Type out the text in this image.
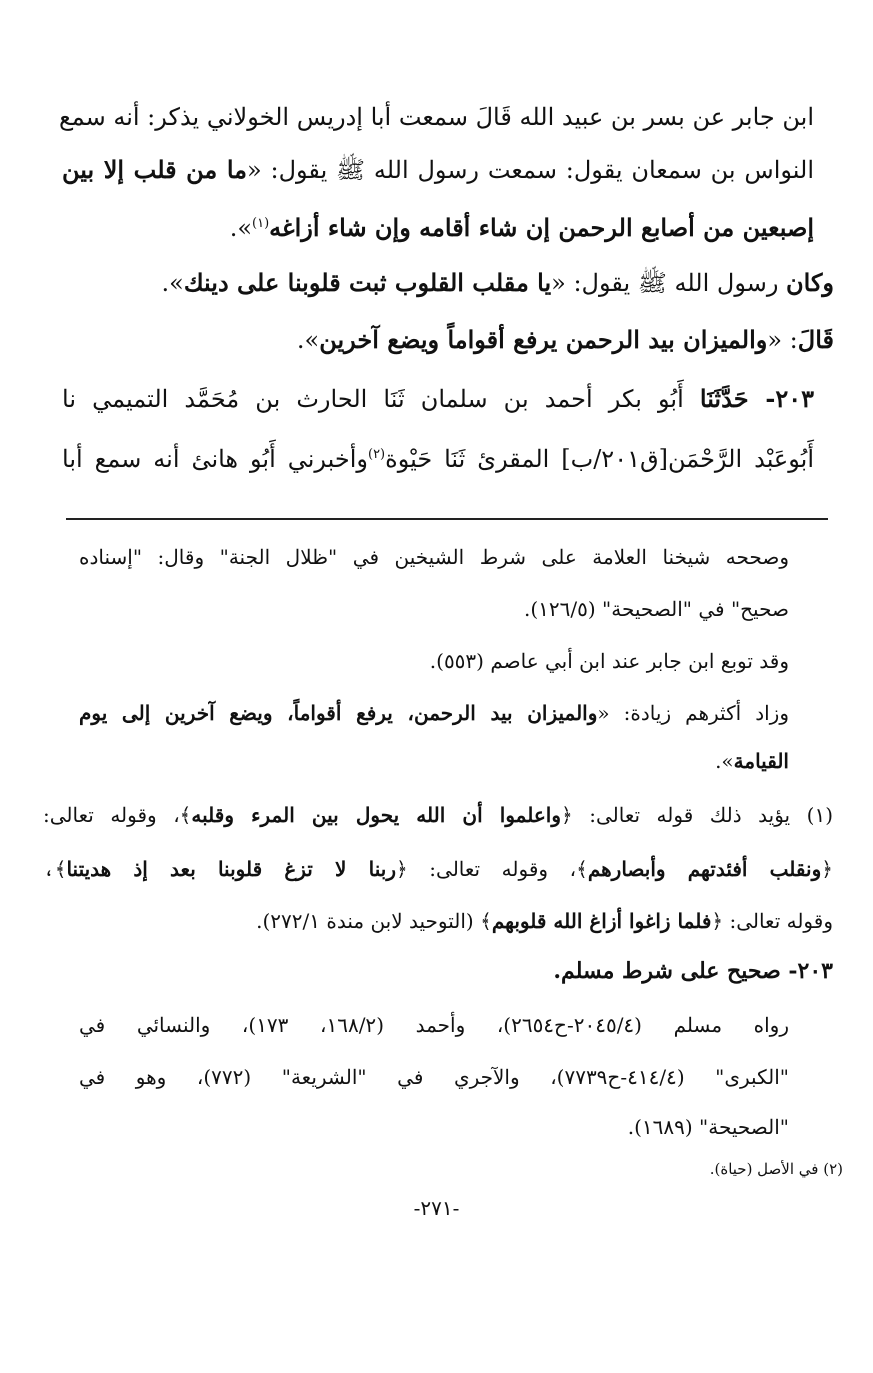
ابن جابر عن بسر بن عبيد الله قَالَ سمعت أبا إدريس الخولاني يذكر: أنه سمع
النواس بن سمعان يقول: سمعت رسول الله ﷺ يقول: «ما من قلب إلا بين
إصبعين من أصابع الرحمن إن شاء أقامه وإن شاء أزاغه$^{(١)}$».
وكان رسول الله ﷺ يقول: «يا مقلب القلوب ثبت قلوبنا على دينك».
قَالَ: «والميزان بيد الرحمن يرفع أقواماً ويضع آخرين».
٢٠٣- حَدَّثَنَا أَبُو بكر أحمد بن سلمان ثَنَا الحارث بن مُحَمَّد التميمي نا
أَبُوعَبْد الرَّحْمَن[ق٢٠١/ب] المقرئ ثَنَا حَيْوة$^{(٢)}$وأخبرني أَبُو هانئ أنه سمع أبا
وصححه شيخنا العلامة على شرط الشيخين في "ظلال الجنة" وقال: "إسناده
صحيح" في "الصحيحة" (١٢٦/٥).
وقد توبع ابن جابر عند ابن أبي عاصم (٥٥٣).
وزاد أكثرهم زيادة: «والميزان بيد الرحمن، يرفع أقواماً، ويضع آخرين إلى يوم
القيامة».
(١) يؤيد ذلك قوله تعالى: ﴿واعلموا أن الله يحول بين المرء وقلبه﴾، وقوله تعالى:
﴿ونقلب أفئدتهم وأبصارهم﴾، وقوله تعالى: ﴿ربنا لا تزغ قلوبنا بعد إذ هديتنا﴾،
وقوله تعالى: ﴿فلما زاغوا أزاغ الله قلوبهم﴾ (التوحيد لابن مندة ٢٧٢/١).
٢٠٣- صحيح على شرط مسلم.
رواه مسلم (٢٠٤٥/٤-ح٢٦٥٤)، وأحمد (١٦٨/٢، ١٧٣)، والنسائي في
"الكبرى" (٤١٤/٤-ح٧٧٣٩)، والآجري في "الشريعة" (٧٧٢)، وهو في
"الصحيحة" (١٦٨٩).
(٢) في الأصل (حياة).
-٢٧١-
